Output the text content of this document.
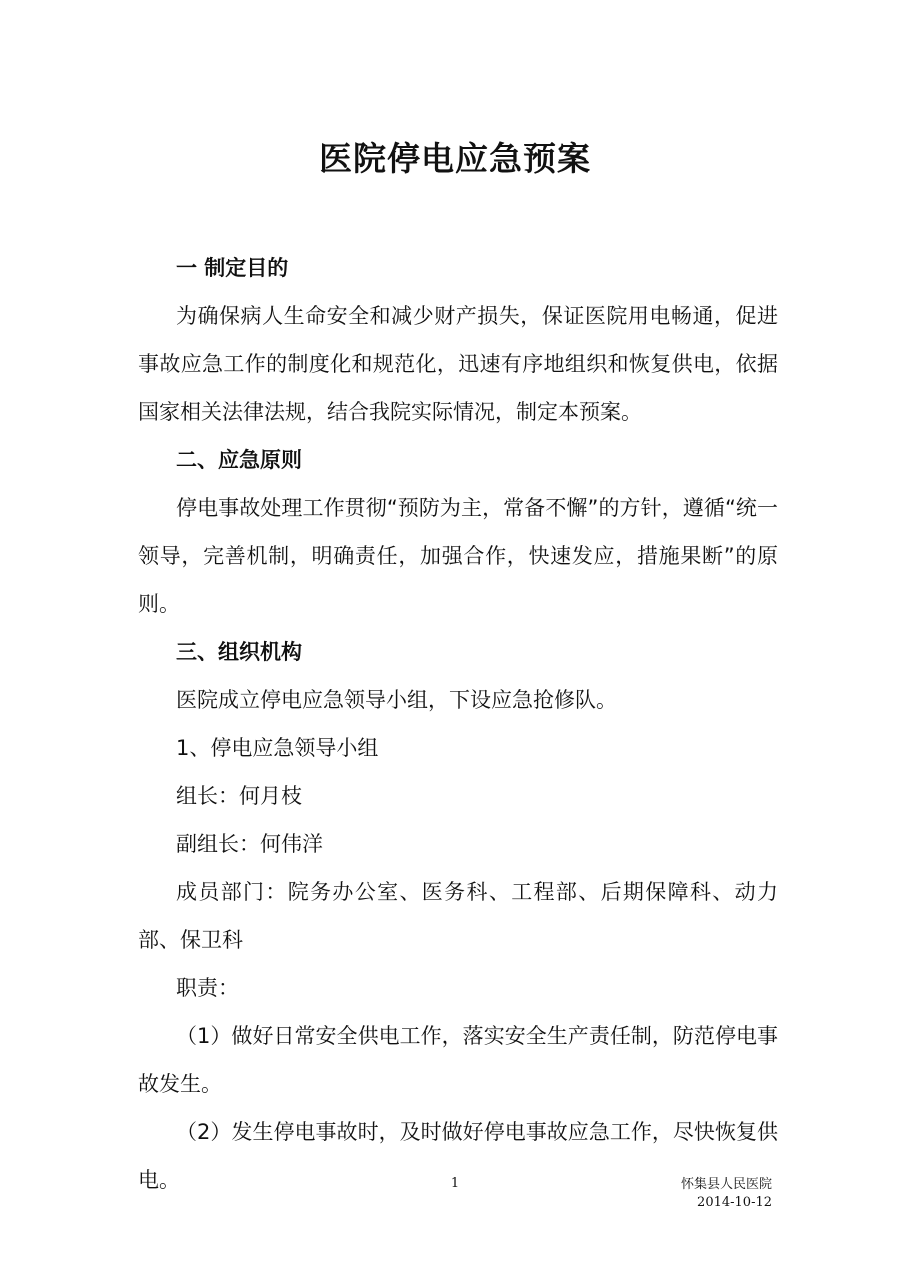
医院停电应急预案

一 制定目的

为确保病人生命安全和减少财产损失，保证医院用电畅通，促进事故应急工作的制度化和规范化，迅速有序地组织和恢复供电，依据国家相关法律法规，结合我院实际情况，制定本预案。

二、应急原则

停电事故处理工作贯彻“预防为主，常备不懈”的方针，遵循“统一领导，完善机制，明确责任，加强合作，快速发应，措施果断”的原则。

三、组织机构

医院成立停电应急领导小组，下设应急抢修队。

1、停电应急领导小组

组长：何月枝

副组长：何伟洋

成员部门：院务办公室、医务科、工程部、后期保障科、动力部、保卫科

职责：

（1）做好日常安全供电工作，落实安全生产责任制，防范停电事故发生。

（2）发生停电事故时，及时做好停电事故应急工作，尽快恢复供电。	1	怀集县人民医院
2014-10-12
